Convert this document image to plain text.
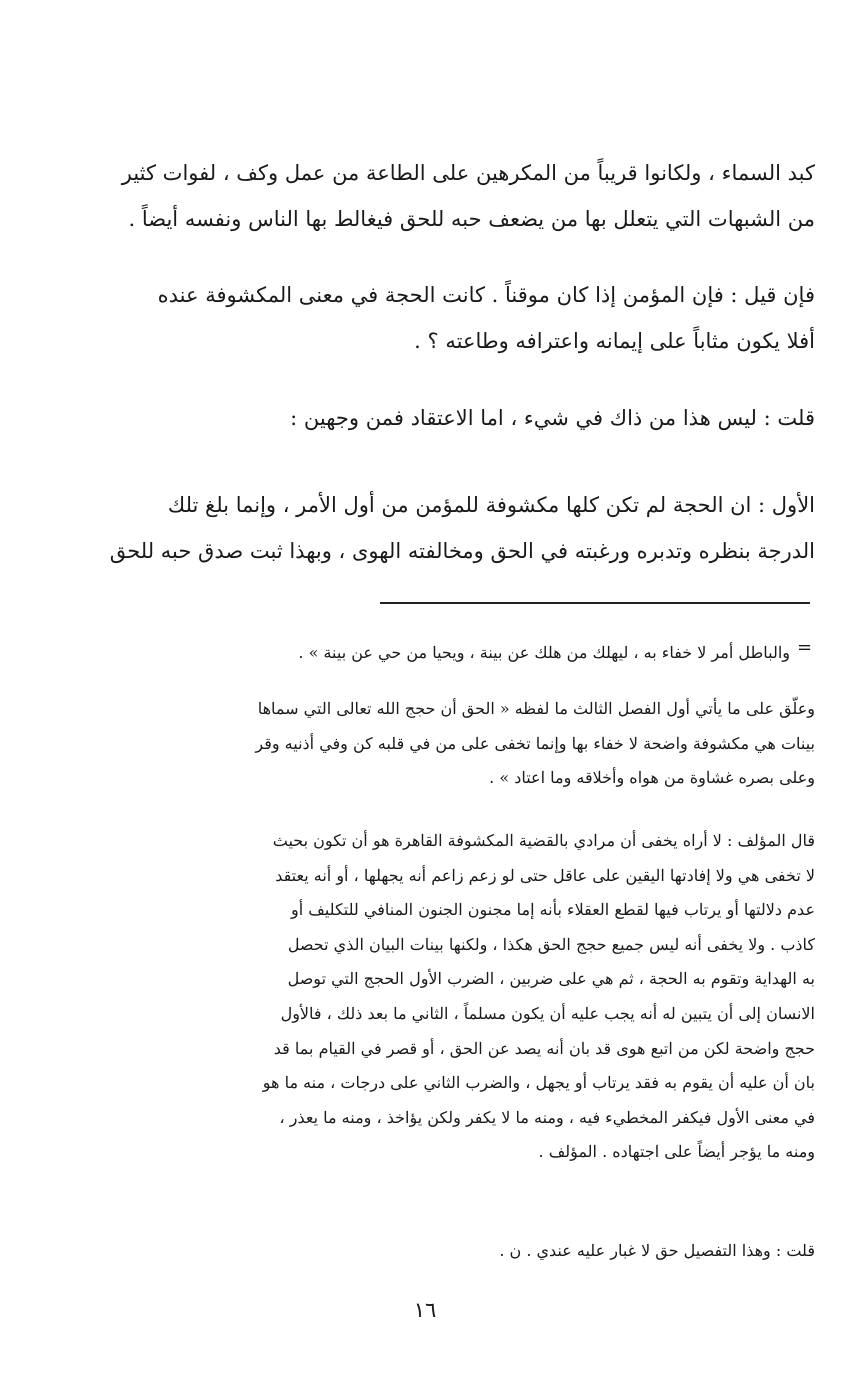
كبد السماء ، ولكانوا قريباً من المكرهين على الطاعة من عمل وكف ، لفوات كثير
من الشبهات التي يتعلل بها من يضعف حبه للحق فيغالط بها الناس ونفسه أيضاً .
فإن قيل : فإن المؤمن إذا كان موقناً . كانت الحجة في معنى المكشوفة عنده
أفلا يكون مثاباً على إيمانه واعترافه وطاعته ؟ .
قلت : ليس هذا من ذاك في شيء ، اما الاعتقاد فمن وجهين :
الأول : ان الحجة لم تكن كلها مكشوفة للمؤمن من أول الأمر ، وإنما بلغ تلك
الدرجة بنظره وتدبره ورغبته في الحق ومخالفته الهوى ، وبهذا ثبت صدق حبه للحق
=
والباطل أمر لا خفاء به ، ليهلك من هلك عن بينة ، ويحيا من حي عن بينة » .
وعلّق على ما يأتي أول الفصل الثالث ما لفظه « الحق أن حجج الله تعالى التي سماها
بينات هي مكشوفة واضحة لا خفاء بها وإنما تخفى على من في قلبه كن وفي أذنيه وقر
وعلى بصره غشاوة من هواه وأخلاقه وما اعتاد » .
قال المؤلف : لا أراه يخفى أن مرادي بالقضية المكشوفة القاهرة هو أن تكون بحيث
لا تخفى هي ولا إفادتها اليقين على عاقل حتى لو زعم زاعم أنه يجهلها ، أو أنه يعتقد
عدم دلالتها أو يرتاب فيها لقطع العقلاء بأنه إما مجنون الجنون المنافي للتكليف أو
كاذب . ولا يخفى أنه ليس جميع حجج الحق هكذا ، ولكنها بينات البيان الذي تحصل
به الهداية وتقوم به الحجة ، ثم هي على ضربين ، الضرب الأول الحجج التي توصل
الانسان إلى أن يتبين له أنه يجب عليه أن يكون مسلماً ، الثاني ما بعد ذلك ، فالأول
حجج واضحة لكن من اتبع هوى قد بان أنه يصد عن الحق ، أو قصر في القيام بما قد
بان أن عليه أن يقوم به فقد يرتاب أو يجهل ، والضرب الثاني على درجات ، منه ما هو
في معنى الأول فيكفر المخطيء فيه ، ومنه ما لا يكفر ولكن يؤاخذ ، ومنه ما يعذر ،
ومنه ما يؤجر أيضاً على اجتهاده . المؤلف .
قلت : وهذا التفصيل حق لا غبار عليه عندي . ن .
١٦
